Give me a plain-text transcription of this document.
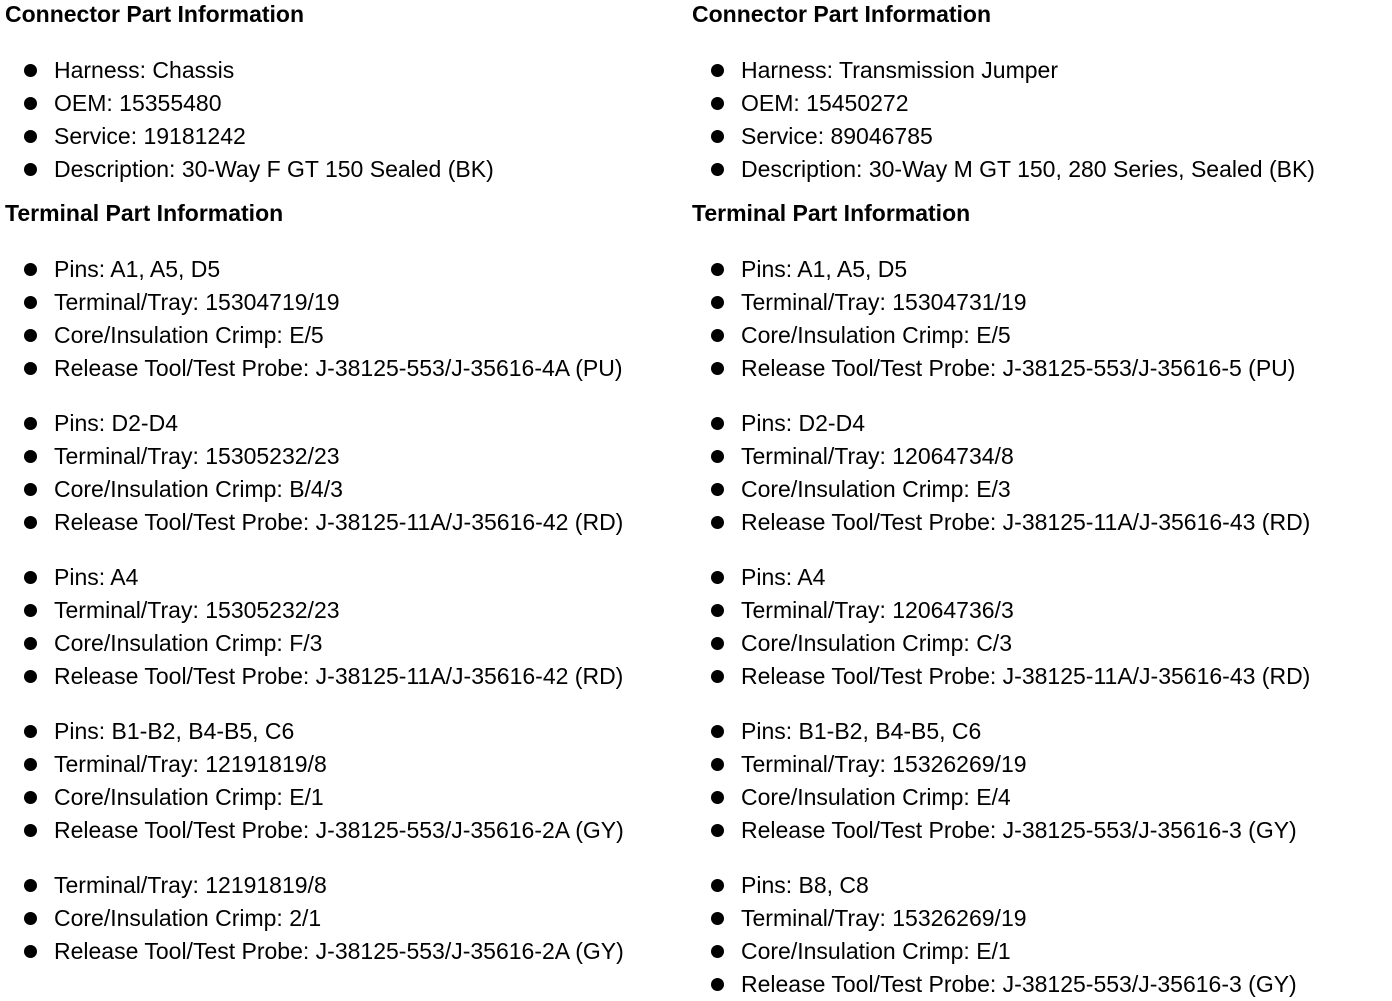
Connector Part Information
Harness: Chassis
OEM: 15355480
Service: 19181242
Description: 30-Way F GT 150 Sealed (BK)
Terminal Part Information
Pins: A1, A5, D5
Terminal/Tray: 15304719/19
Core/Insulation Crimp: E/5
Release Tool/Test Probe: J-38125-553/J-35616-4A (PU)
Pins: D2-D4
Terminal/Tray: 15305232/23
Core/Insulation Crimp: B/4/3
Release Tool/Test Probe: J-38125-11A/J-35616-42 (RD)
Pins: A4
Terminal/Tray: 15305232/23
Core/Insulation Crimp: F/3
Release Tool/Test Probe: J-38125-11A/J-35616-42 (RD)
Pins: B1-B2, B4-B5, C6
Terminal/Tray: 12191819/8
Core/Insulation Crimp: E/1
Release Tool/Test Probe: J-38125-553/J-35616-2A (GY)
Terminal/Tray: 12191819/8
Core/Insulation Crimp: 2/1
Release Tool/Test Probe: J-38125-553/J-35616-2A (GY)
Connector Part Information
Harness: Transmission Jumper
OEM: 15450272
Service: 89046785
Description: 30-Way M GT 150, 280 Series, Sealed (BK)
Terminal Part Information
Pins: A1, A5, D5
Terminal/Tray: 15304731/19
Core/Insulation Crimp: E/5
Release Tool/Test Probe: J-38125-553/J-35616-5 (PU)
Pins: D2-D4
Terminal/Tray: 12064734/8
Core/Insulation Crimp: E/3
Release Tool/Test Probe: J-38125-11A/J-35616-43 (RD)
Pins: A4
Terminal/Tray: 12064736/3
Core/Insulation Crimp: C/3
Release Tool/Test Probe: J-38125-11A/J-35616-43 (RD)
Pins: B1-B2, B4-B5, C6
Terminal/Tray: 15326269/19
Core/Insulation Crimp: E/4
Release Tool/Test Probe: J-38125-553/J-35616-3 (GY)
Pins: B8, C8
Terminal/Tray: 15326269/19
Core/Insulation Crimp: E/1
Release Tool/Test Probe: J-38125-553/J-35616-3 (GY)
